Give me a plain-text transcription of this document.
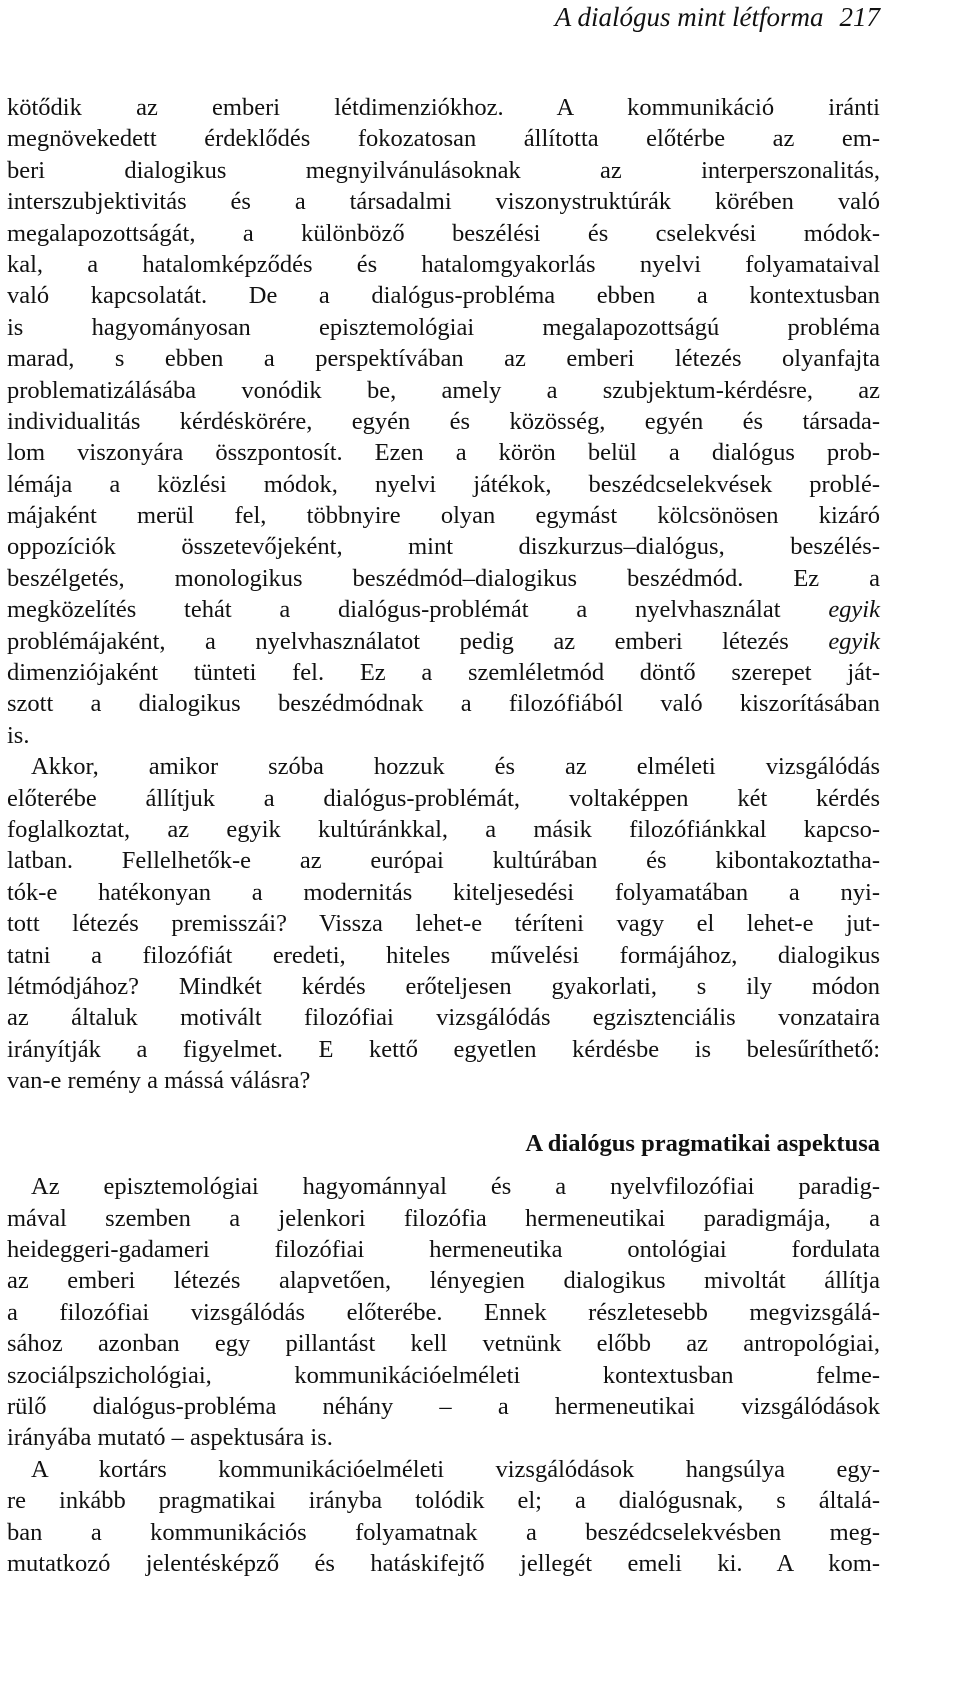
A dialógus mint létforma 217
kötődik az emberi létdimenziókhoz. A kommunikáció iránti
megnövekedett érdeklődés fokozatosan állította előtérbe az em-
beri dialogikus megnyilvánulásoknak az interperszonalitás,
interszubjektivitás és a társadalmi viszonystruktúrák körében való
megalapozottságát, a különböző beszélési és cselekvési módok-
kal, a hatalomképződés és hatalomgyakorlás nyelvi folyamataival
való kapcsolatát. De a dialógus-probléma ebben a kontextusban
is hagyományosan episztemológiai megalapozottságú probléma
marad, s ebben a perspektívában az emberi létezés olyanfajta
problematizálásába vonódik be, amely a szubjektum-kérdésre, az
individualitás kérdéskörére, egyén és közösség, egyén és társada-
lom viszonyára összpontosít. Ezen a körön belül a dialógus prob-
lémája a közlési módok, nyelvi játékok, beszédcselekvések problé-
májaként merül fel, többnyire olyan egymást kölcsönösen kizáró
oppozíciók összetevőjeként, mint diszkurzus–dialógus, beszélés-
beszélgetés, monologikus beszédmód–dialogikus beszédmód. Ez a
megközelítés tehát a dialógus-problémát a nyelvhasználat egyik
problémájaként, a nyelvhasználatot pedig az emberi létezés egyik
dimenziójaként tünteti fel. Ez a szemléletmód döntő szerepet ját-
szott a dialogikus beszédmódnak a filozófiából való kiszorításában
is.
Akkor, amikor szóba hozzuk és az elméleti vizsgálódás
előterébe állítjuk a dialógus-problémát, voltaképpen két kérdés
foglalkoztat, az egyik kultúránkkal, a másik filozófiánkkal kapcso-
latban. Fellelhetők-e az európai kultúrában és kibontakoztatha-
tók-e hatékonyan a modernitás kiteljesedési folyamatában a nyi-
tott létezés premisszái? Vissza lehet-e téríteni vagy el lehet-e jut-
tatni a filozófiát eredeti, hiteles művelési formájához, dialogikus
létmódjához? Mindkét kérdés erőteljesen gyakorlati, s ily módon
az általuk motivált filozófiai vizsgálódás egzisztenciális vonzataira
irányítják a figyelmet. E kettő egyetlen kérdésbe is belesűríthető:
van-e remény a mássá válásra?
A dialógus pragmatikai aspektusa
Az episztemológiai hagyománnyal és a nyelvfilozófiai paradig-
mával szemben a jelenkori filozófia hermeneutikai paradigmája, a
heideggeri-gadameri filozófiai hermeneutika ontológiai fordulata
az emberi létezés alapvetően, lényegien dialogikus mivoltát állítja
a filozófiai vizsgálódás előterébe. Ennek részletesebb megvizsgálá-
sához azonban egy pillantást kell vetnünk előbb az antropológiai,
szociálpszichológiai, kommunikációelméleti kontextusban felme-
rülő dialógus-probléma néhány – a hermeneutikai vizsgálódások
irányába mutató – aspektusára is.
A kortárs kommunikációelméleti vizsgálódások hangsúlya egy-
re inkább pragmatikai irányba tolódik el; a dialógusnak, s általá-
ban a kommunikációs folyamatnak a beszédcselekvésben meg-
mutatkozó jelentésképző és hatáskifejtő jellegét emeli ki. A kom-
